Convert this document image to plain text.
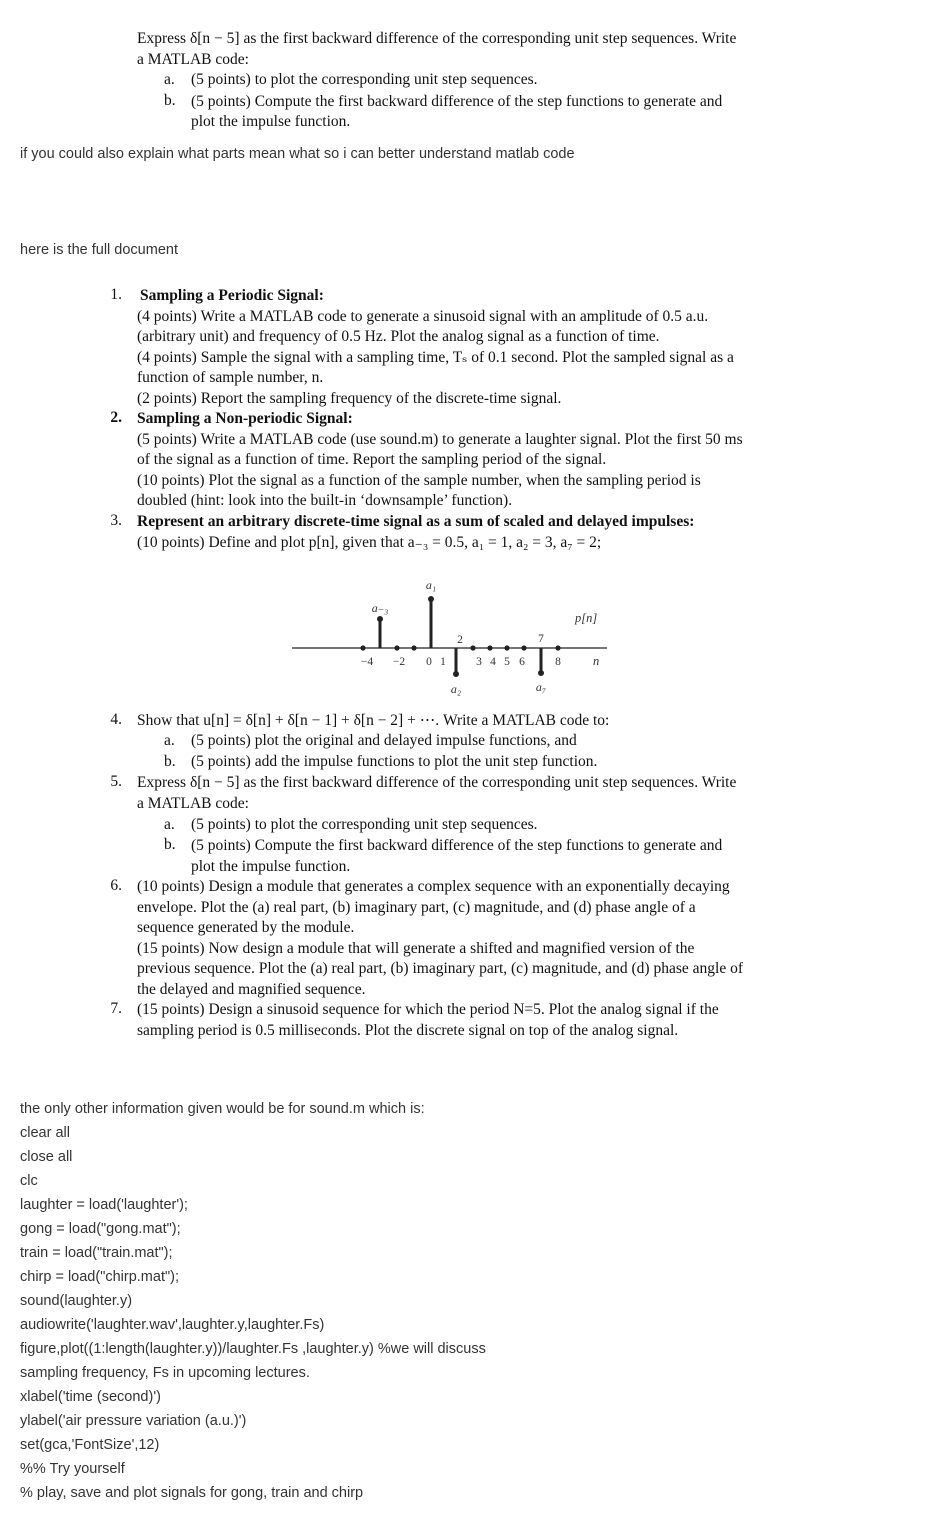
Express δ[n − 5] as the first backward difference of the corresponding unit step sequences. Write
a MATLAB code:
a. (5 points) to plot the corresponding unit step sequences.
b. (5 points) Compute the first backward difference of the step functions to generate and
plot the impulse function.
if you could also explain what parts mean what so i can better understand matlab code
here is the full document
1. Sampling a Periodic Signal:
(4 points) Write a MATLAB code to generate a sinusoid signal with an amplitude of 0.5 a.u.
(arbitrary unit) and frequency of 0.5 Hz. Plot the analog signal as a function of time.
(4 points) Sample the signal with a sampling time, Tₛ of 0.1 second. Plot the sampled signal as a
function of sample number, n.
(2 points) Report the sampling frequency of the discrete-time signal.
2. Sampling a Non-periodic Signal:
(5 points) Write a MATLAB code (use sound.m) to generate a laughter signal. Plot the first 50 ms
of the signal as a function of time. Report the sampling period of the signal.
(10 points) Plot the signal as a function of the sample number, when the sampling period is
doubled (hint: look into the built-in ‘downsample’ function).
3. Represent an arbitrary discrete-time signal as a sum of scaled and delayed impulses:
(10 points) Define and plot p[n], given that a₋₃ = 0.5, a₁ = 1, a₂ = 3, a₇ = 2;
−4 −2 0 1
2
3 4 5 6
7
8
a₋₃
a₁
a₂	a₇
p[n]
n
4. Show that u[n] = δ[n] + δ[n − 1] + δ[n − 2] + ⋯. Write a MATLAB code to:
a. (5 points) plot the original and delayed impulse functions, and
b. (5 points) add the impulse functions to plot the unit step function.
5. Express δ[n − 5] as the first backward difference of the corresponding unit step sequences. Write
a MATLAB code:
a. (5 points) to plot the corresponding unit step sequences.
b. (5 points) Compute the first backward difference of the step functions to generate and
plot the impulse function.
6. (10 points) Design a module that generates a complex sequence with an exponentially decaying
envelope. Plot the (a) real part, (b) imaginary part, (c) magnitude, and (d) phase angle of a
sequence generated by the module.
(15 points) Now design a module that will generate a shifted and magnified version of the
previous sequence. Plot the (a) real part, (b) imaginary part, (c) magnitude, and (d) phase angle of
the delayed and magnified sequence.
7. (15 points) Design a sinusoid sequence for which the period N=5. Plot the analog signal if the
sampling period is 0.5 milliseconds. Plot the discrete signal on top of the analog signal.
the only other information given would be for sound.m which is:
clear all
close all
clc
laughter = load('laughter');
gong = load("gong.mat");
train = load("train.mat");
chirp = load("chirp.mat");
sound(laughter.y)
audiowrite('laughter.wav',laughter.y,laughter.Fs)
figure,plot((1:length(laughter.y))/laughter.Fs ,laughter.y) %we will discuss
sampling frequency, Fs in upcoming lectures.
xlabel('time (second)')
ylabel('air pressure variation (a.u.)')
set(gca,'FontSize',12)
%% Try yourself
% play, save and plot signals for gong, train and chirp
